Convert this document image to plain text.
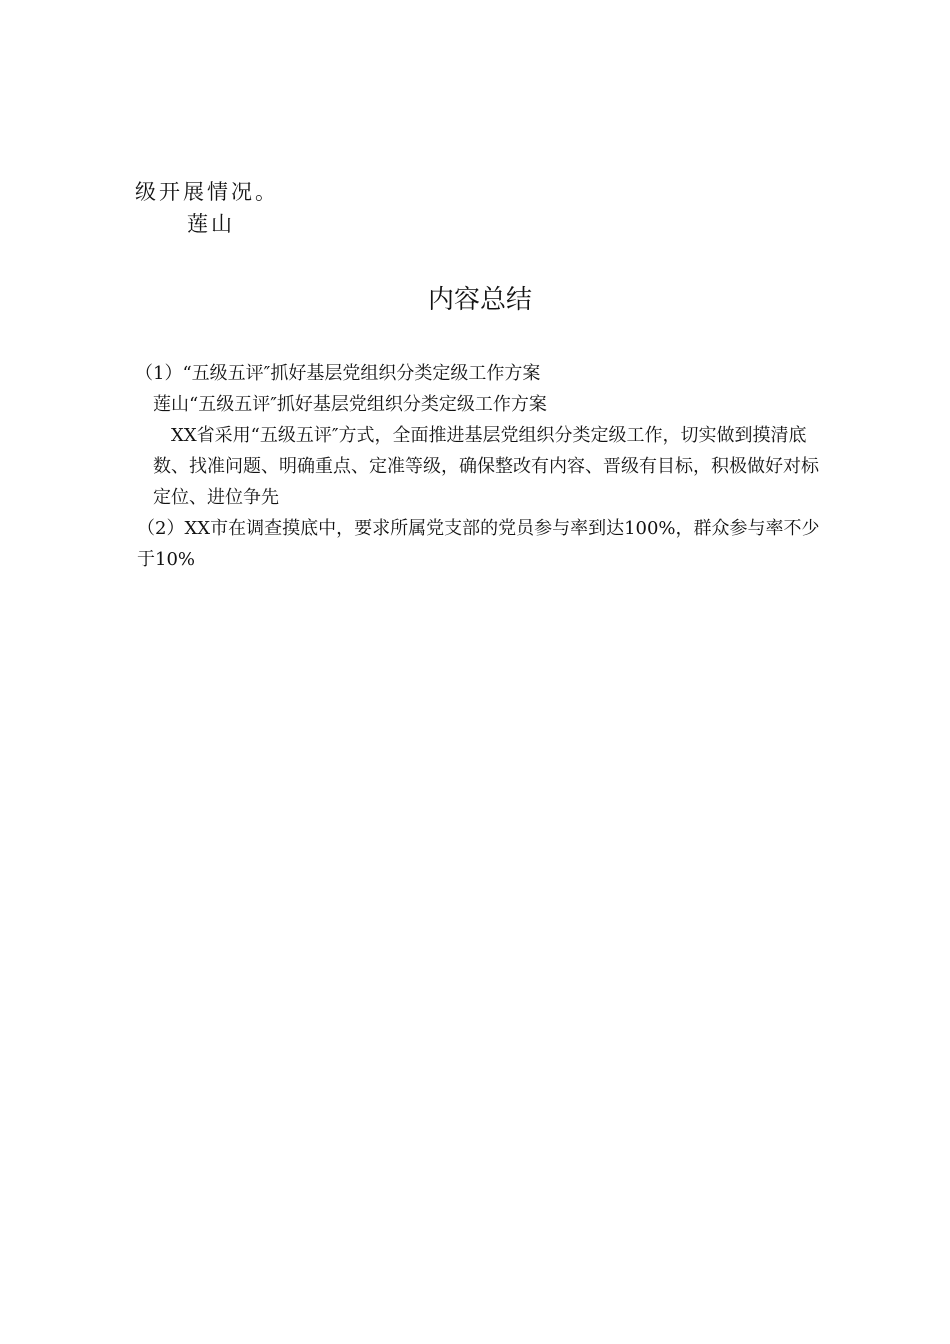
级开展情况。
莲山
内容总结

（1）“五级五评″抓好基层党组织分类定级工作方案

莲山“五级五评″抓好基层党组织分类定级工作方案

XX省采用“五级五评″方式，全面推进基层党组织分类定级工作，切实做到摸清底数、找准问题、明确重点、定准等级，确保整改有内容、晋级有目标，积极做好对标定位、进位争先

（2）XX市在调查摸底中，要求所属党支部的党员参与率到达100%，群众参与率不少于10%
